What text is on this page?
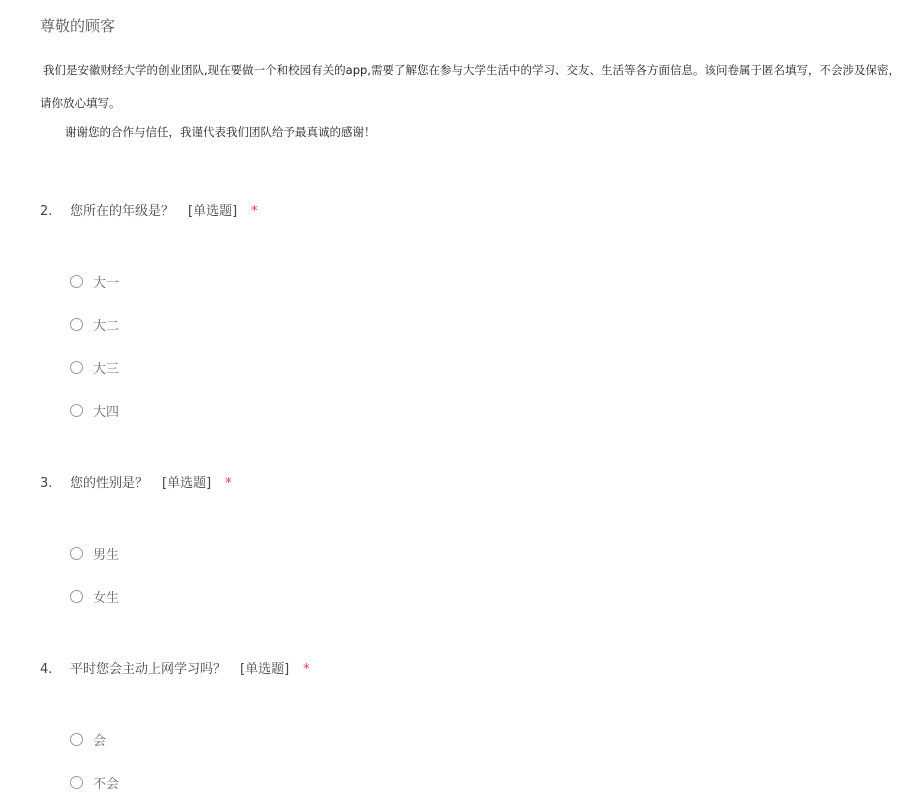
尊敬的顾客
我们是安徽财经大学的创业团队,现在要做一个和校园有关的app,需要了解您在参与大学生活中的学习、交友、生活等各方面信息。该问卷属于匿名填写，不会涉及保密，请你放心填写。
谢谢您的合作与信任，我谨代表我们团队给予最真诚的感谢！
2. 您所在的年级是？ [单选题] *
大一
大二
大三
大四
3. 您的性别是？ [单选题] *
男生
女生
4. 平时您会主动上网学习吗？ [单选题] *
会
不会
